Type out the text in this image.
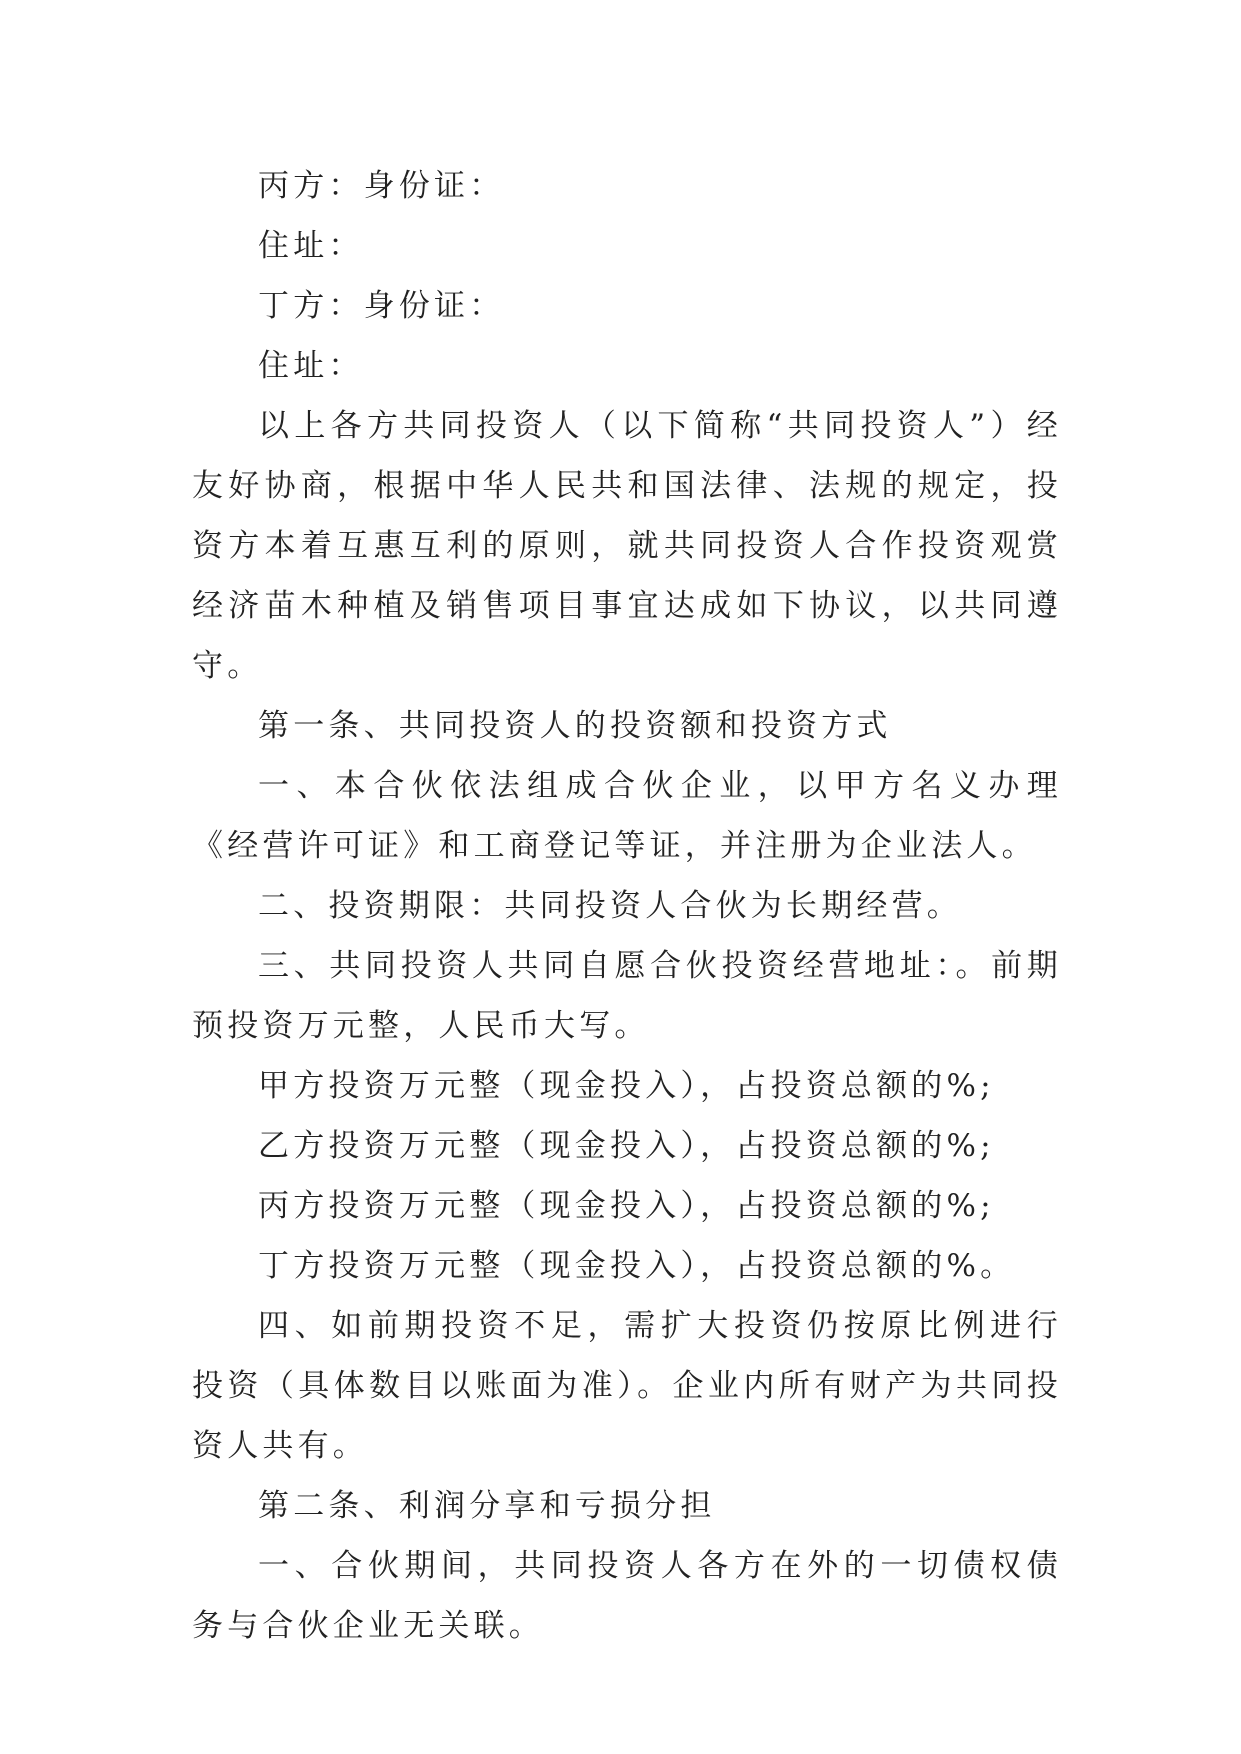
丙方：身份证：

住址：

丁方：身份证：

住址：

以上各方共同投资人（以下简称“共同投资人”）经友好协商，根据中华人民共和国法律、法规的规定，投资方本着互惠互利的原则，就共同投资人合作投资观赏经济苗木种植及销售项目事宜达成如下协议，以共同遵守。

第一条、共同投资人的投资额和投资方式

一、本合伙依法组成合伙企业，以甲方名义办理《经营许可证》和工商登记等证，并注册为企业法人。

二、投资期限：共同投资人合伙为长期经营。

三、共同投资人共同自愿合伙投资经营地址：。前期预投资万元整，人民币大写。

甲方投资万元整（现金投入），占投资总额的%;

乙方投资万元整（现金投入），占投资总额的%;

丙方投资万元整（现金投入），占投资总额的%;

丁方投资万元整（现金投入），占投资总额的%。

四、如前期投资不足，需扩大投资仍按原比例进行投资（具体数目以账面为准）。企业内所有财产为共同投资人共有。

第二条、利润分享和亏损分担

一、合伙期间，共同投资人各方在外的一切债权债务与合伙企业无关联。
